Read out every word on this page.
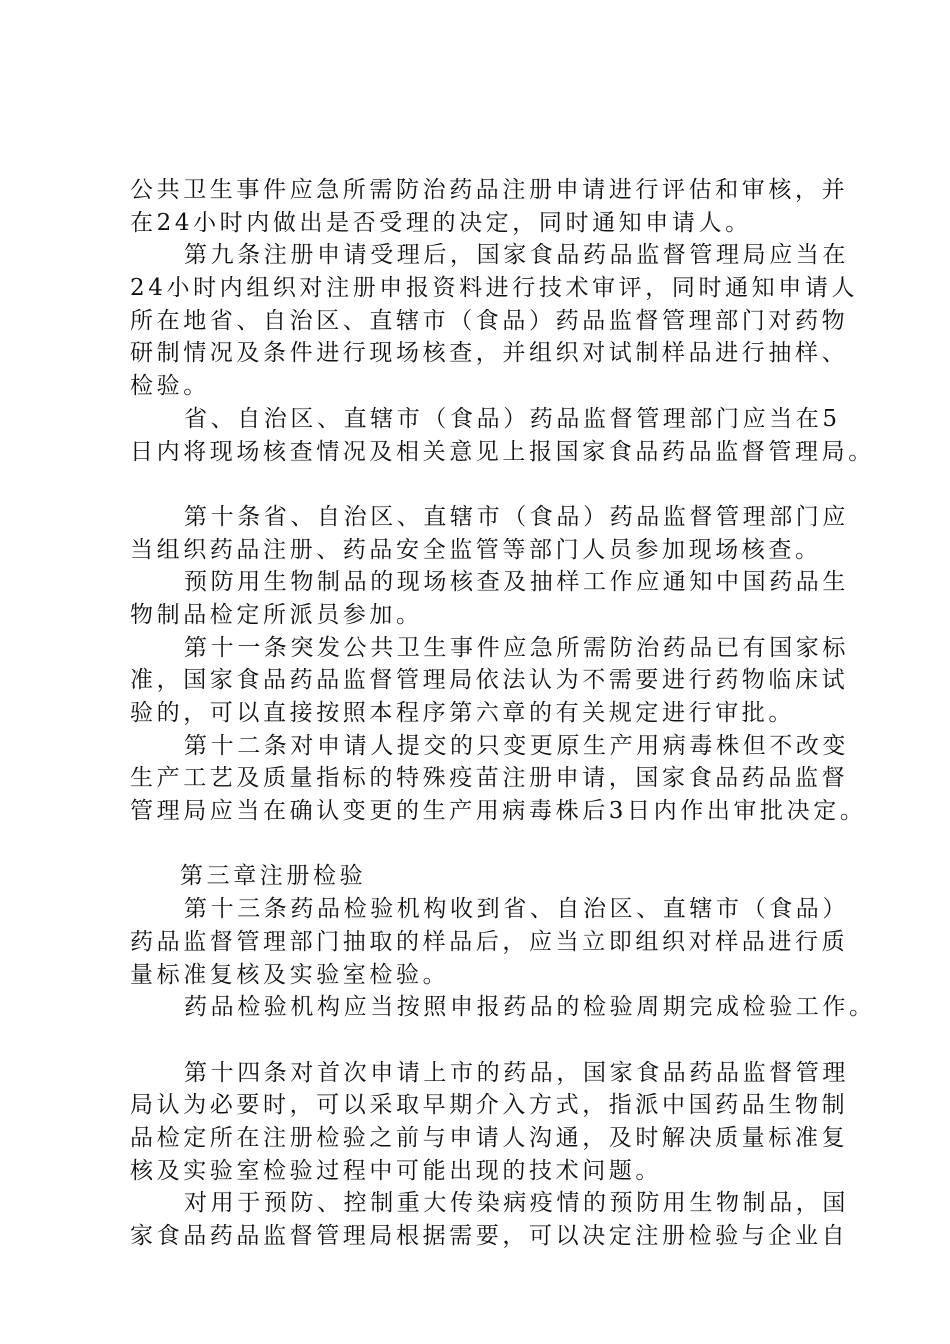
公共卫生事件应急所需防治药品注册申请进行评估和审核，并
在24小时内做出是否受理的决定，同时通知申请人。
第九条注册申请受理后，国家食品药品监督管理局应当在
24小时内组织对注册申报资料进行技术审评，同时通知申请人
所在地省、自治区、直辖市（食品）药品监督管理部门对药物
研制情况及条件进行现场核查，并组织对试制样品进行抽样、
检验。
省、自治区、直辖市（食品）药品监督管理部门应当在5
日内将现场核查情况及相关意见上报国家食品药品监督管理局。
第十条省、自治区、直辖市（食品）药品监督管理部门应
当组织药品注册、药品安全监管等部门人员参加现场核查。
预防用生物制品的现场核查及抽样工作应通知中国药品生
物制品检定所派员参加。
第十一条突发公共卫生事件应急所需防治药品已有国家标
准，国家食品药品监督管理局依法认为不需要进行药物临床试
验的，可以直接按照本程序第六章的有关规定进行审批。
第十二条对申请人提交的只变更原生产用病毒株但不改变
生产工艺及质量指标的特殊疫苗注册申请，国家食品药品监督
管理局应当在确认变更的生产用病毒株后3日内作出审批决定。
第三章注册检验
第十三条药品检验机构收到省、自治区、直辖市（食品）
药品监督管理部门抽取的样品后，应当立即组织对样品进行质
量标准复核及实验室检验。
药品检验机构应当按照申报药品的检验周期完成检验工作。
第十四条对首次申请上市的药品，国家食品药品监督管理
局认为必要时，可以采取早期介入方式，指派中国药品生物制
品检定所在注册检验之前与申请人沟通，及时解决质量标准复
核及实验室检验过程中可能出现的技术问题。
对用于预防、控制重大传染病疫情的预防用生物制品，国
家食品药品监督管理局根据需要，可以决定注册检验与企业自
